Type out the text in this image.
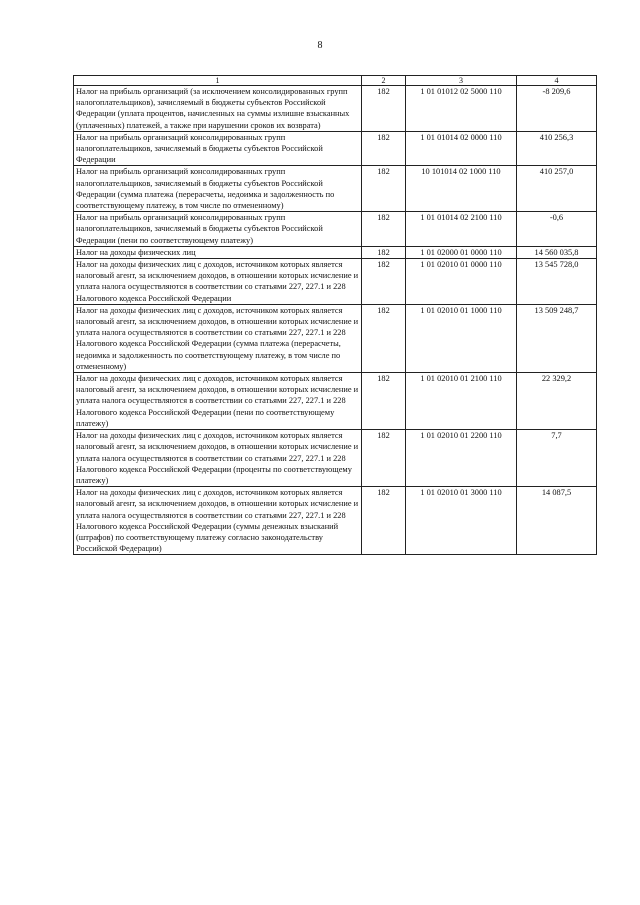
8
1	2	3	4
Налог на прибыль организаций (за исключением консолидированных групп налогоплательщиков), зачисляемый в бюджеты субъектов Российской Федерации (уплата процентов, начисленных на суммы излишне взысканных (уплаченных) платежей, а также при нарушении сроков их возврата)	182	1 01 01012 02 5000 110	-8 209,6
Налог на прибыль организаций консолидированных групп налогоплательщиков, зачисляемый в бюджеты субъектов Российской Федерации	182	1 01 01014 02 0000 110	410 256,3
Налог на прибыль организаций консолидированных групп налогоплательщиков, зачисляемый в бюджеты субъектов Российской Федерации (сумма платежа (перерасчеты, недоимка и задолженность по соответствующему платежу, в том числе по отмененному)	182	10 101014 02 1000 110	410 257,0
Налог на прибыль организаций консолидированных групп налогоплательщиков, зачисляемый в бюджеты субъектов Российской Федерации (пени по соответствующему платежу)	182	1 01 01014 02 2100 110	-0,6
Налог на доходы физических лиц	182	1 01 02000 01 0000 110	14 560 035,8
Налог на доходы физических лиц с доходов, источником которых является налоговый агент, за исключением доходов, в отношении которых исчисление и уплата налога осуществляются в соответствии со статьями 227, 227.1 и 228 Налогового кодекса Российской Федерации	182	1 01 02010 01 0000 110	13 545 728,0
Налог на доходы физических лиц с доходов, источником которых является налоговый агент, за исключением доходов, в отношении которых исчисление и уплата налога осуществляются в соответствии со статьями 227, 227.1 и 228 Налогового кодекса Российской Федерации (сумма платежа (перерасчеты, недоимка и задолженность по соответствующему платежу, в том числе по отмененному)	182	1 01 02010 01 1000 110	13 509 248,7
Налог на доходы физических лиц с доходов, источником которых является налоговый агент, за исключением доходов, в отношении которых исчисление и уплата налога осуществляются в соответствии со статьями 227, 227.1 и 228 Налогового кодекса Российской Федерации (пени по соответствующему платежу)	182	1 01 02010 01 2100 110	22 329,2
Налог на доходы физических лиц с доходов, источником которых является налоговый агент, за исключением доходов, в отношении которых исчисление и уплата налога осуществляются в соответствии со статьями 227, 227.1 и 228 Налогового кодекса Российской Федерации (проценты по соответствующему платежу)	182	1 01 02010 01 2200 110	7,7
Налог на доходы физических лиц с доходов, источником которых является налоговый агент, за исключением доходов, в отношении которых исчисление и уплата налога осуществляются в соответствии со статьями 227, 227.1 и 228 Налогового кодекса Российской Федерации (суммы денежных взысканий (штрафов) по соответствующему платежу согласно законодательству Российской Федерации)	182	1 01 02010 01 3000 110	14 087,5
